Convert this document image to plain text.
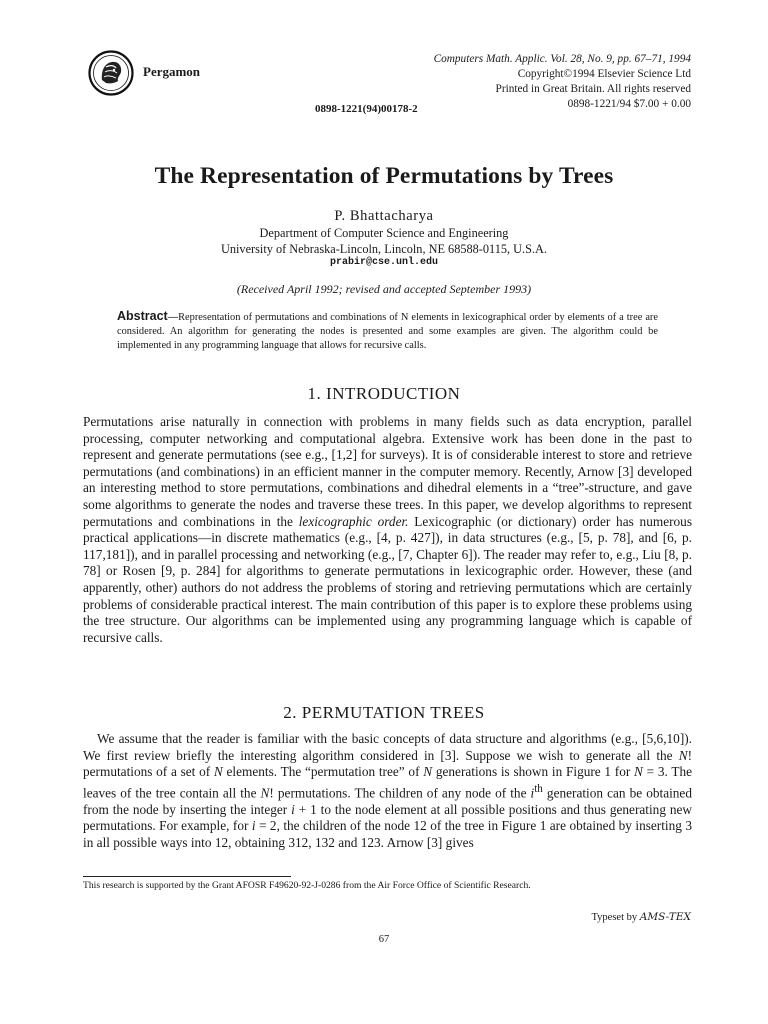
Pergamon
Computers Math. Applic. Vol. 28, No. 9, pp. 67–71, 1994
Copyright©1994 Elsevier Science Ltd
Printed in Great Britain. All rights reserved
0898-1221/94 $7.00 + 0.00
0898-1221(94)00178-2
The Representation of Permutations by Trees
P. Bhattacharya
Department of Computer Science and Engineering
University of Nebraska-Lincoln, Lincoln, NE 68588-0115, U.S.A.
prabir@cse.unl.edu
(Received April 1992; revised and accepted September 1993)
Abstract—Representation of permutations and combinations of N elements in lexicographical order by elements of a tree are considered. An algorithm for generating the nodes is presented and some examples are given. The algorithm could be implemented in any programming language that allows for recursive calls.
1. INTRODUCTION
Permutations arise naturally in connection with problems in many fields such as data encryption, parallel processing, computer networking and computational algebra. Extensive work has been done in the past to represent and generate permutations (see e.g., [1,2] for surveys). It is of considerable interest to store and retrieve permutations (and combinations) in an efficient manner in the computer memory. Recently, Arnow [3] developed an interesting method to store permutations, combinations and dihedral elements in a “tree”-structure, and gave some algorithms to generate the nodes and traverse these trees. In this paper, we develop algorithms to represent permutations and combinations in the lexicographic order. Lexicographic (or dictionary) order has numerous practical applications—in discrete mathematics (e.g., [4, p. 427]), in data structures (e.g., [5, p. 78], and [6, p. 117,181]), and in parallel processing and networking (e.g., [7, Chapter 6]). The reader may refer to, e.g., Liu [8, p. 78] or Rosen [9, p. 284] for algorithms to generate permutations in lexicographic order. However, these (and apparently, other) authors do not address the problems of storing and retrieving permutations which are certainly problems of considerable practical interest. The main contribution of this paper is to explore these problems using the tree structure. Our algorithms can be implemented using any programming language which is capable of recursive calls.
2. PERMUTATION TREES
We assume that the reader is familiar with the basic concepts of data structure and algorithms (e.g., [5,6,10]). We first review briefly the interesting algorithm considered in [3]. Suppose we wish to generate all the N! permutations of a set of N elements. The “permutation tree” of N generations is shown in Figure 1 for N = 3. The leaves of the tree contain all the N! permutations. The children of any node of the $i^{th}$ generation can be obtained from the node by inserting the integer i + 1 to the node element at all possible positions and thus generating new permutations. For example, for i = 2, the children of the node 12 of the tree in Figure 1 are obtained by inserting 3 in all possible ways into 12, obtaining 312, 132 and 123. Arnow [3] gives
This research is supported by the Grant AFOSR F49620-92-J-0286 from the Air Force Office of Scientific Research.
Typeset by AMS-TEX
67
